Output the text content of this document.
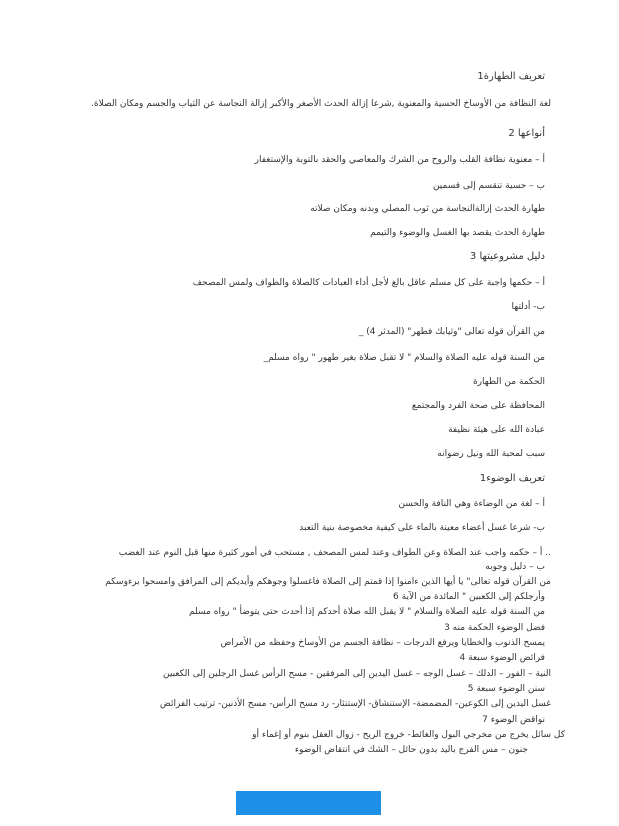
تعريف الطهارة1
لغة النظافة من الأوساخ الحسية والمعنوية ,شرعا إزالة الحدث الأصغر والأكبر إزالة النجاسة عن الثياب والجسم ومكان الصلاة.
أنواعها 2
أ – معنوية نظافة القلب والروح من الشرك والمعاصي والحقد بالتوبة والإستغفار
ب – حسية تنقسم إلى قسمين
طهارة الحدث إزالةالنجاسة من ثوب المصلي وبدنه ومكان صلاته
طهارة الحدث يقصد بها الغسل والوضوء والتيمم
دليل مشروعيتها 3
أ – حكمها واجبة على كل مسلم عاقل بالغ لأجل أداء العبادات كالصلاة والطواف ولمس المصحف
ب- أدلتها
من القرآن قوله تعالى "وثيابك فطهر" (المدثر 4) _
من السنة قوله عليه الصلاة والسلام " لا تقبل صلاة بغير طهور " رواه مسلم_
الحكمة من الطهارة
المحافظة على صحة الفرد والمجتمع
عبادة الله على هيئة نظيفة
سبب لمحبة الله ونيل رضوانه
تعريف الوضوء1
أ – لغة من الوضاءة وهي النافة والحسن
ب- شرعا غسل أعضاء معينة بالماء على كيفية مخصوصة بنية التعبد
.. أ – حكمه واجب عند الصلاة وعن الطواف وعند لمس المصحف , مستحب في أمور كثيرة منها قبل النوم عند الغضب
ب – دليل وجوبه
من القرآن قوله تعالى" يا أيها الذين ءامنوا إذا قمتم إلى الصلاة فاغسلوا وجوهكم وأيديكم إلى المرافق وامسحوا برءوسكم
وأرجلكم إلى الكعبين " المائدة من الآية 6
من السنة قوله عليه الصلاة والسلام " لا يقبل الله صلاة أحدكم إذا أحدث حتى يتوضأ " رواه مسلم
فضل الوضوء الحكمة منه 3
يمسح الذنوب والخطايا ويرفع الدرجات – نظافة الجسم من الأوساخ وحفظه من الأمراض
فرائض الوضوء سبعة 4
النية – الفور – الدلك – غسل الوجه – غسل اليدين إلى المرفقين - مسح الرأس غسل الرجلين إلى الكعبين
سنن الوضوء سبعة 5
غسل اليدين إلى الكوعين- المضمضة- الإستنشاق- الإستنثار- رد مسح الرأس- مسح الأذنين- ترتيب الفرائض
نواقض الوضوء 7
كل سائل يخرج من مخرجي البول والغائط- خروج الريح - زوال العقل بنوم أو إغماء أو
جنون – مس الفرج باليد بدون حائل – الشك في انتقاض الوضوء
